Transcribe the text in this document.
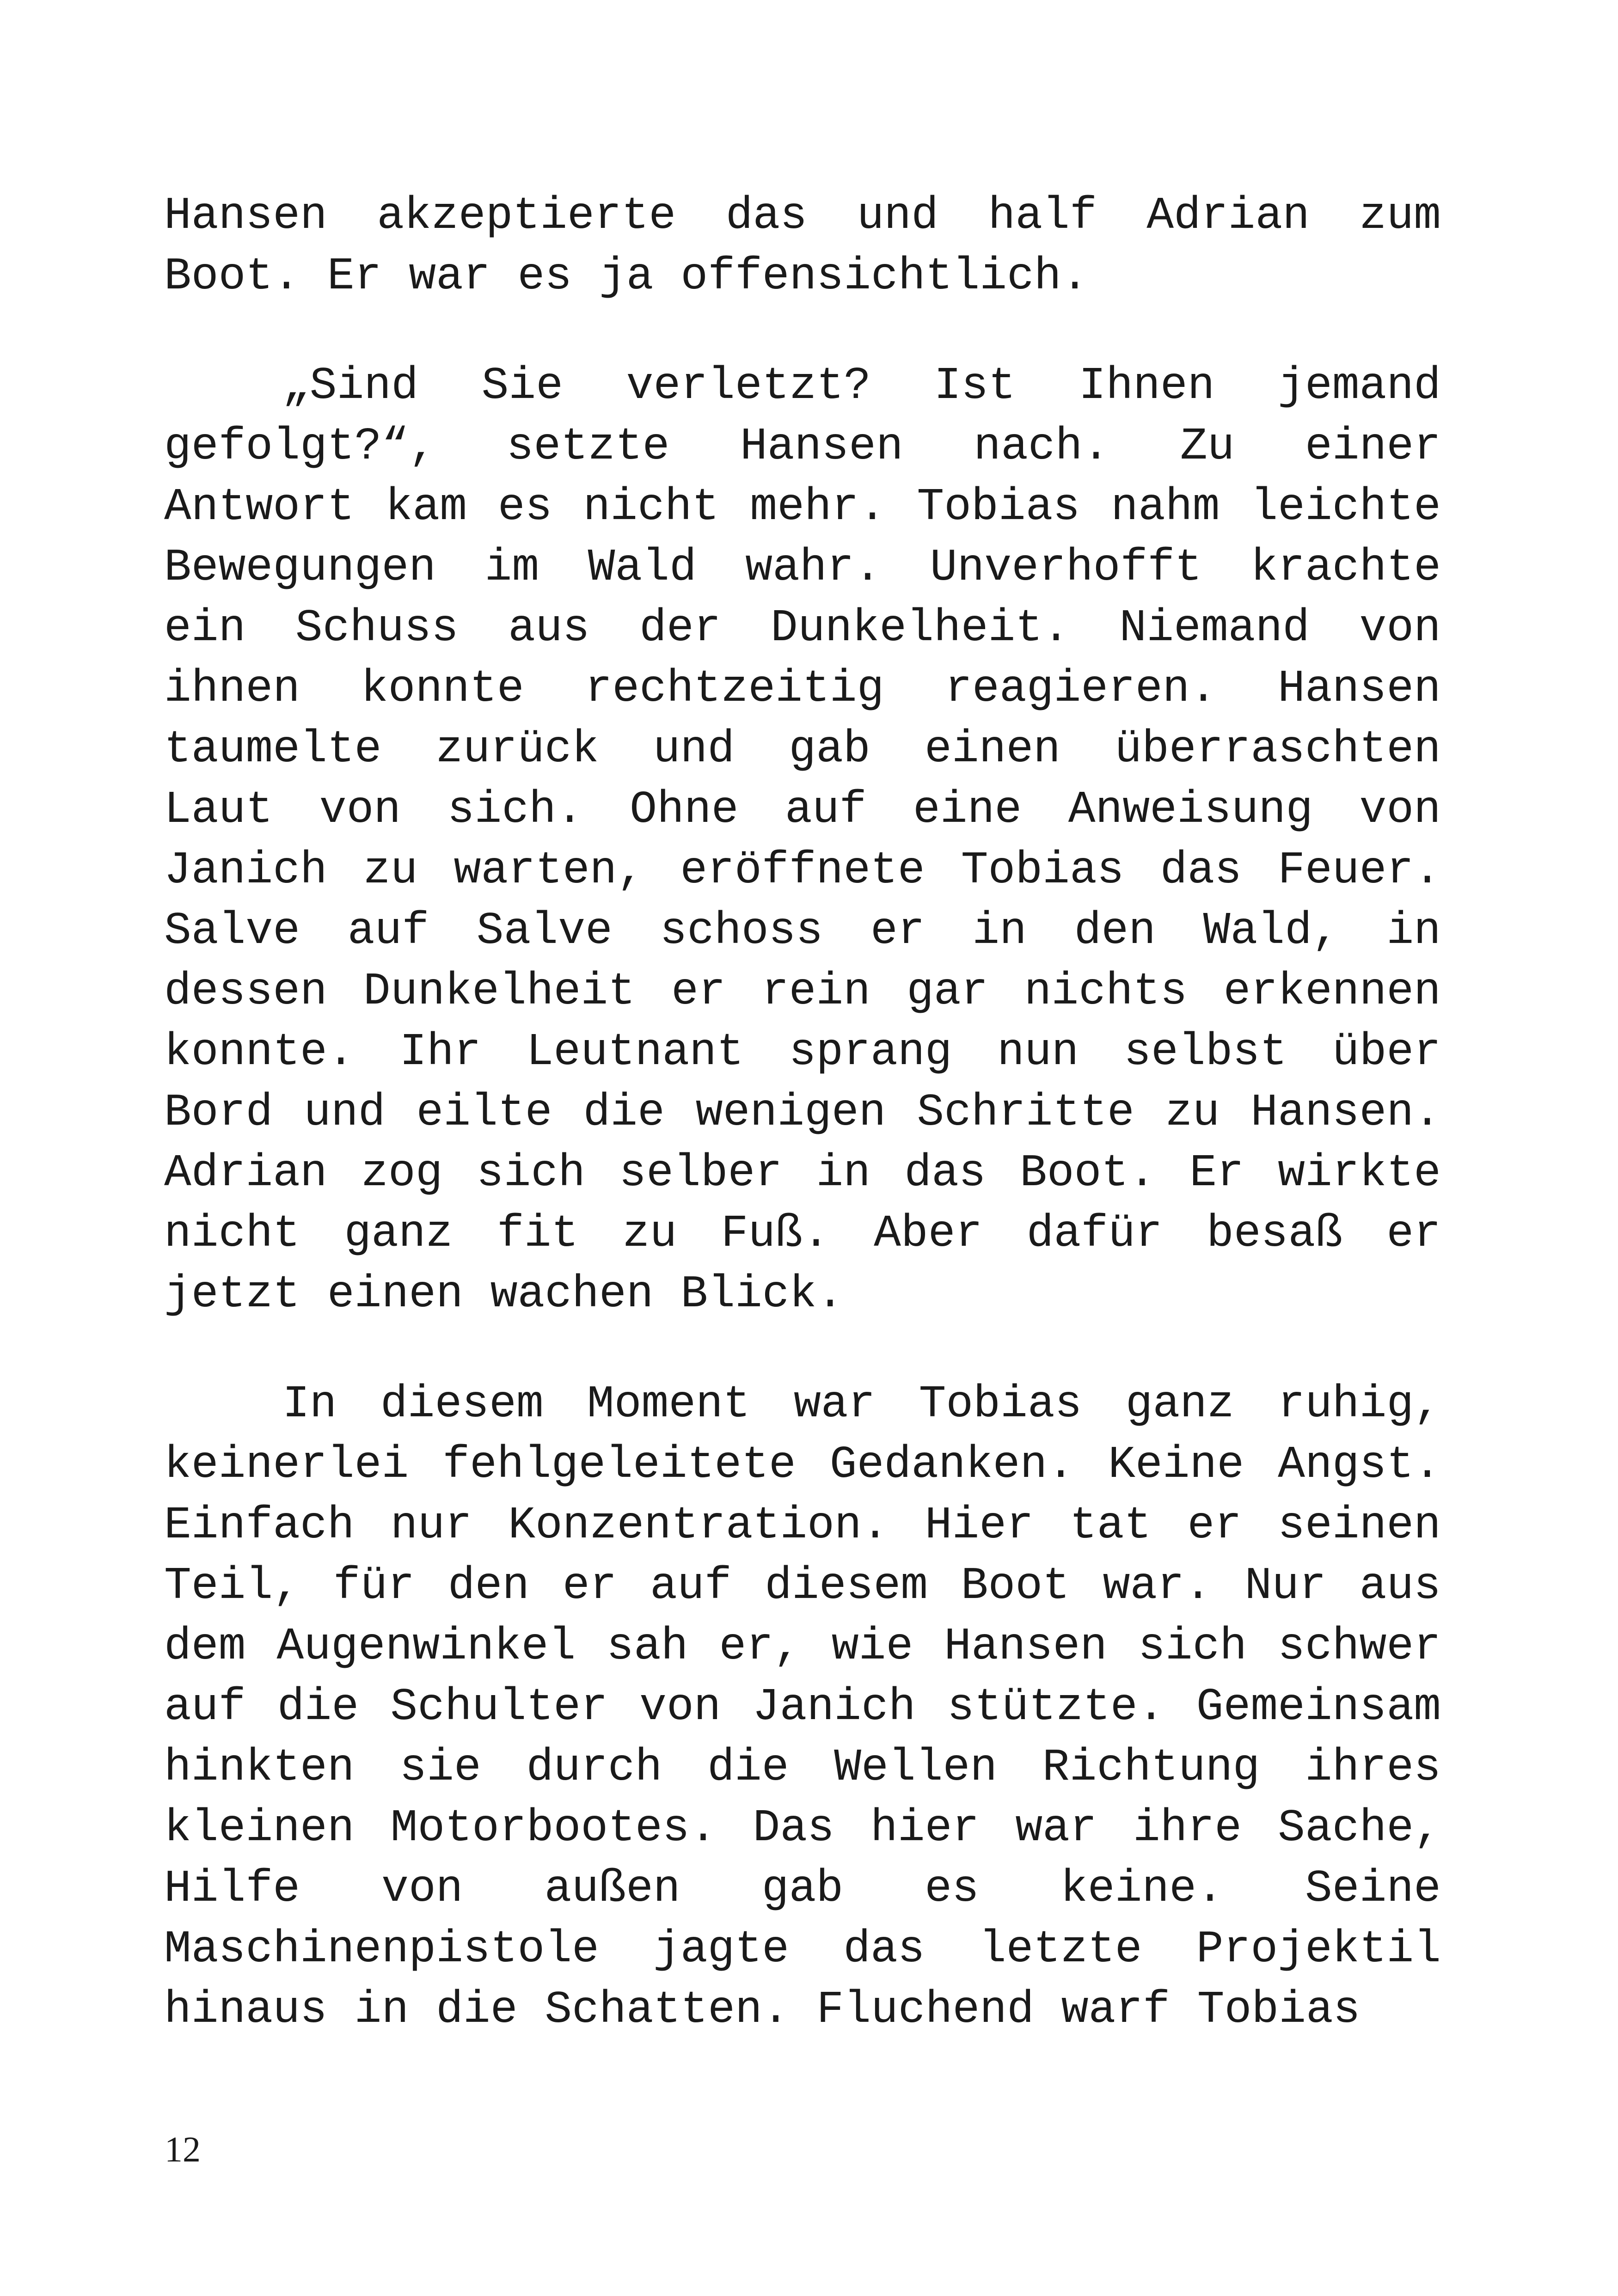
Hansen akzeptierte das und half Adrian zum Boot. Er war es ja offensichtlich.

„Sind Sie verletzt? Ist Ihnen jemand gefolgt?“, setzte Hansen nach. Zu einer Antwort kam es nicht mehr. Tobias nahm leichte Bewegungen im Wald wahr. Unverhofft krachte ein Schuss aus der Dunkelheit. Niemand von ihnen konnte rechtzeitig reagieren. Hansen taumelte zurück und gab einen überraschten Laut von sich. Ohne auf eine Anweisung von Janich zu warten, eröffnete Tobias das Feuer. Salve auf Salve schoss er in den Wald, in dessen Dunkelheit er rein gar nichts erkennen konnte. Ihr Leutnant sprang nun selbst über Bord und eilte die wenigen Schritte zu Hansen. Adrian zog sich selber in das Boot. Er wirkte nicht ganz fit zu Fuß. Aber dafür besaß er jetzt einen wachen Blick.

In diesem Moment war Tobias ganz ruhig, keinerlei fehlgeleitete Gedanken. Keine Angst. Einfach nur Konzentration. Hier tat er seinen Teil, für den er auf diesem Boot war. Nur aus dem Augenwinkel sah er, wie Hansen sich schwer auf die Schulter von Janich stützte. Gemeinsam hinkten sie durch die Wellen Richtung ihres kleinen Motorbootes. Das hier war ihre Sache, Hilfe von außen gab es keine. Seine Maschinenpistole jagte das letzte Projektil hinaus in die Schatten. Fluchend warf Tobias

12
